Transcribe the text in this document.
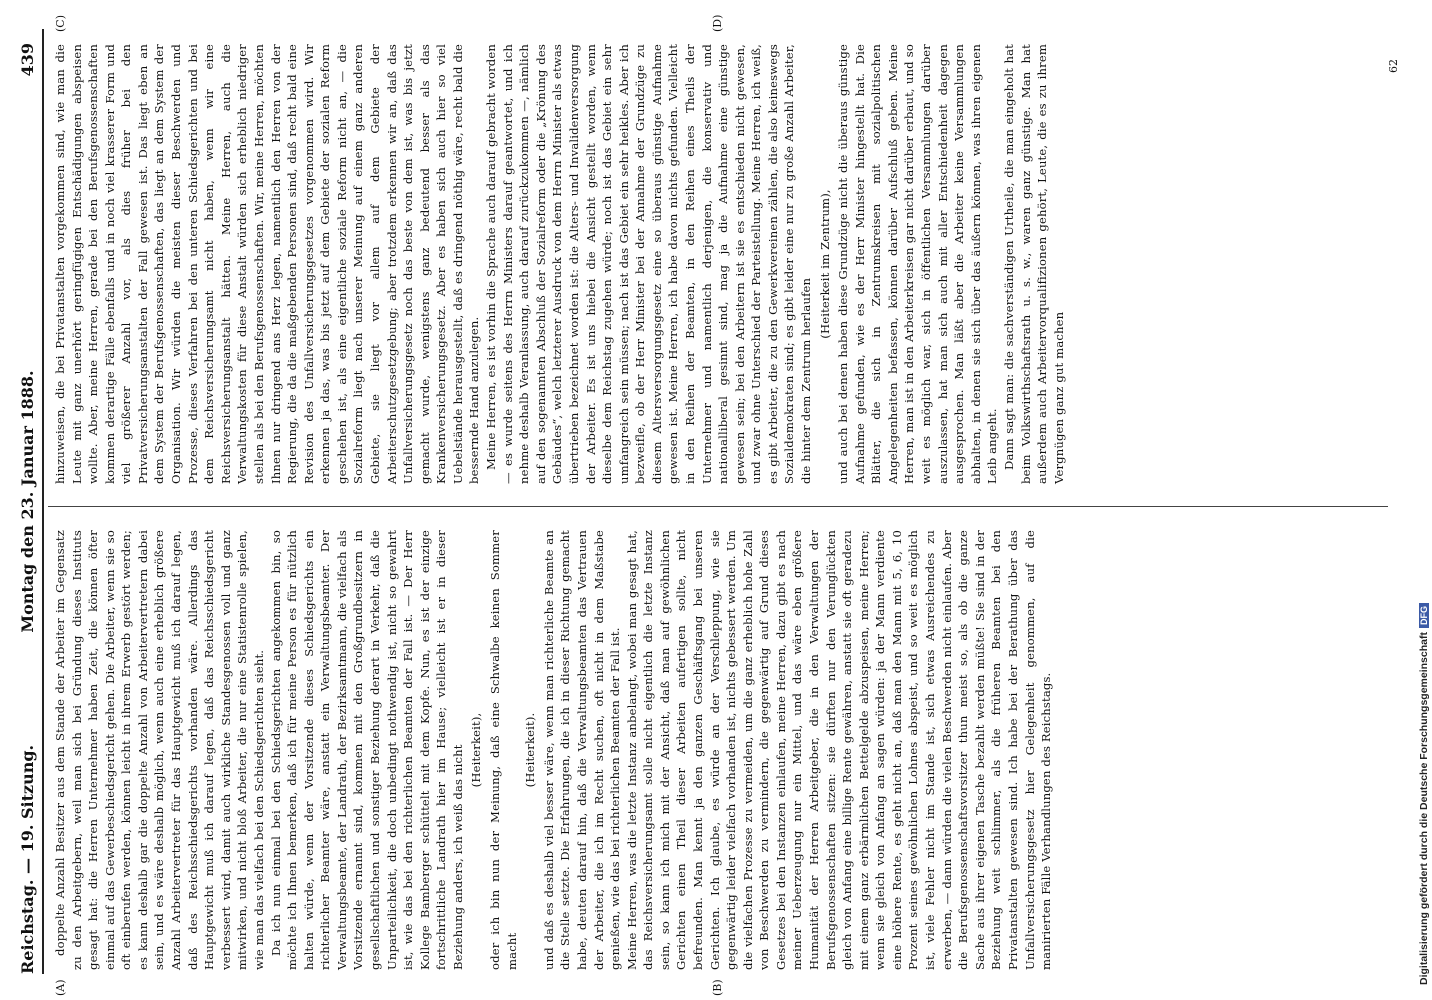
Reichstag. — 19. Sitzung.
Montag den 23. Januar 1888.
439
(A)	(B)
(C)	(D)

doppelte Anzahl Besitzer aus dem Stande der Arbeiter im Gegensatz zu den Arbeitgebern, weil man sich bei Gründung dieses Instituts gesagt hat: die Herren Unternehmer haben Zeit, die können öfter einmal auf das Gewerbeschiedsgericht gehen. Die Arbeiter, wenn sie so oft einberufen werden, können leicht in ihrem Erwerb gestört werden; es kann deshalb gar die doppelte Anzahl von Arbeitervertretern dabei sein, und es wäre deshalb möglich, wenn auch eine erheblich größere Anzahl Arbeitervertreter für das Hauptgewicht muß ich darauf legen, daß des Reichsschiedsgerichts vorhanden wäre. Allerdings das Hauptgewicht muß ich darauf legen, daß das Reichsschiedsgericht verbessert wird, damit auch wirkliche Standesgenossen voll und ganz mitwirken, und nicht bloß Arbeiter, die nur eine Statistenrolle spielen, wie man das vielfach bei den Schiedsgerichten sieht. Da ich nun einmal bei den Schiedsgerichten angekommen bin, so möchte ich Ihnen bemerken, daß ich für meine Person es für nützlich halten würde, wenn der Vorsitzende dieses Schiedsgerichts ein richterlicher Beamter wäre, anstatt ein Verwaltungsbeamter. Der Verwaltungsbeamte, der Landrath, der Bezirksamtmann, die vielfach als Vorsitzende ernannt sind, kommen mit den Großgrundbesitzern in gesellschaftlichen und sonstiger Beziehung derart in Verkehr, daß die Unparteilichkeit, die doch unbedingt nothwendig ist, nicht so gewahrt ist, wie das bei den richterlichen Beamten der Fall ist. — Der Herr Kollege Bamberger schüttelt mit dem Kopfe. Nun, es ist der einzige fortschrittliche Landrath hier im Hause; vielleicht ist er in dieser Beziehung anders, ich weiß das nicht (Heiterkeit), oder ich bin nun der Meinung, daß eine Schwalbe keinen Sommer macht

(Heiterkeit). und daß es deshalb viel besser wäre, wenn man richterliche Beamte an die Stelle setzte. Die Erfahrungen, die ich in dieser Richtung gemacht habe, deuten darauf hin, daß die Verwaltungsbeamten das Vertrauen der Arbeiter, die ich im Recht suchen, oft nicht in dem Maßstabe genießen, wie das bei richterlichen Beamten der Fall ist. Meine Herren, was die letzte Instanz anbelangt, wobei man gesagt hat, das Reichsversicherungsamt solle nicht eigentlich die letzte Instanz sein, so kann ich mich mit der Ansicht, daß man auf gewöhnlichen Gerichten einen Theil dieser Arbeiten aufertigen sollte, nicht befreunden. Man kennt ja den ganzen Geschäftsgang bei unseren Gerichten. Ich glaube, es würde an der Verschleppung, wie sie gegenwärtig leider vielfach vorhanden ist, nichts gebessert werden. Um die vielfachen Prozesse zu vermeiden, um die ganz erheblich hohe Zahl von Beschwerden zu vermindern, die gegenwärtig auf Grund dieses Gesetzes bei den Instanzen einlaufen, meine Herren, dazu gibt es nach meiner Ueberzeugung nur ein Mittel, und das wäre eben größere Humanität der Herren Arbeitgeber, die in den Verwaltungen der Berufsgenossenschaften sitzen: sie dürften nur den Verunglückten gleich von Anfang eine billige Rente gewähren, anstatt sie oft geradezu mit einem ganz erbärmlichen Bettelgelde abzuspeisen, meine Herren; wenn sie gleich von Anfang an sagen würden: ja der Mann verdiente eine höhere Rente, es geht nicht an, daß man den Mann mit 5, 6, 10 Prozent seines gewöhnlichen Lohnes abspeist, und so weit es möglich ist, viele Fehler nicht im Stande ist, sich etwas Ausreichendes zu erwerben, — dann würden die vielen Beschwerden nicht einlaufen. Aber die Berufsgenossenschaftsvorsitzer thun meist so, als ob die ganze Sache aus ihrer eigenen Tasche bezahlt werden müßte! Sie sind in der Beziehung weit schlimmer, als die früheren Beamten bei den Privatanstalten gewesen sind. Ich habe bei der Berathung über das Unfallversicherungsgesetz hier Gelegenheit genommen, auf die manirierten Fälle Verhandlungen des Reichstags.

hinzuweisen, die bei Privatanstalten vorgekommen sind, wie man die Leute mit ganz unerhört geringfügigen Entschädigungen abspeisen wollte. Aber, meine Herren, gerade bei den Berufsgenossenschaften kommen derartige Fälle ebenfalls und in noch viel krasserer Form und viel größerer Anzahl vor, als dies früher bei den Privatversicherungsanstalten der Fall gewesen ist. Das liegt eben an dem System der Berufsgenossenschaften, das liegt an dem System der Organisation. Wir würden die meisten dieser Beschwerden und Prozesse, dieses Verfahren bei den unteren Schiedsgerichten und bei dem Reichsversicherungsamt nicht haben, wenn wir eine Reichsversicherungsanstalt hätten. Meine Herren, auch die Verwaltungskosten für diese Anstalt würden sich erheblich niedriger stellen als bei den Berufsgenossenschaften. Wir, meine Herren, möchten Ihnen nur dringend ans Herz legen, namentlich den Herren von der Regierung, die da die maßgebenden Personen sind, daß recht bald eine Revision des Unfallversicherungsgesetzes vorgenommen wird. Wir erkennen ja das, was bis jetzt auf dem Gebiete der sozialen Reform geschehen ist, als eine eigentliche soziale Reform nicht an, — die Sozialreform liegt nach unserer Meinung auf einem ganz anderen Gebiete, sie liegt vor allem auf dem Gebiete der Arbeiterschutzgesetzgebung; aber trotzdem erkennen wir an, daß das Unfallversicherungsgesetz noch das beste von dem ist, was bis jetzt gemacht wurde, wenigstens ganz bedeutend besser als das Krankenversicherungsgesetz. Aber es haben sich auch hier so viel Uebelstände herausgestellt, daß es dringend nöthig wäre, recht bald die bessernde Hand anzulegen. Meine Herren, es ist vorhin die Sprache auch darauf gebracht worden — es wurde seitens des Herrn Ministers darauf geantwortet, und ich nehme deshalb Veranlassung, auch darauf zurückzukommen —, nämlich auf den sogenannten Abschluß der Sozialreform oder die „Krönung des Gebäudes“, welch letzterer Ausdruck von dem Herrn Minister als etwas übertrieben bezeichnet worden ist: die Alters- und Invalidenversorgung der Arbeiter. Es ist uns hiebei die Ansicht gestellt worden, wenn dieselbe dem Reichstag zugehen würde; noch ist das Gebiet ein sehr umfangreich sein müssen; nach ist das Gebiet ein sehr heikles. Aber ich bezweifle, ob der Herr Minister bei der Annahme der Grundzüge zu diesem Altersversorgungsgesetz eine so überaus günstige Aufnahme gewesen ist. Meine Herren, ich habe davon nichts gefunden. Vielleicht in den Reihen der Beamten, in den Reihen eines Theils der Unternehmer und namentlich derjenigen, die konservativ und nationalliberal gesinnt sind, mag ja die Aufnahme eine günstige gewesen sein; bei den Arbeitern ist sie es entschieden nicht gewesen, und zwar ohne Unterschied der Parteistellung. Meine Herren, ich weiß, es gibt Arbeiter, die zu den Gewerkvereinen zählen, die also keineswegs Sozialdemokraten sind; es gibt leider eine nur zu große Anzahl Arbeiter, die hinter dem Zentrum herlaufen

(Heiterkeit im Zentrum), und auch bei denen haben diese Grundzüge nicht die überaus günstige Aufnahme gefunden, wie es der Herr Minister hingestellt hat. Die Blätter, die sich in Zentrumskreisen mit sozialpolitischen Angelegenheiten befassen, können darüber Aufschluß geben. Meine Herren, man ist in den Arbeiterkreisen gar nicht darüber erbaut, und so weit es möglich war, sich in öffentlichen Versammlungen darüber auszulassen, hat man sich auch mit aller Entschiedenheit dagegen ausgesprochen. Man läßt aber die Arbeiter keine Versammlungen abhalten, in denen sie sich über das äußern können, was ihren eigenen Leib angeht. Dann sagt man: die sachverständigen Urtheile, die man eingeholt hat beim Volkswirthschaftsrath u. s. w., waren ganz günstige. Man hat außerdem auch Arbeitervorqualifizionen gehört, Leute, die es zu ihrem Vergnügen ganz gut machen

62
Digitalisierung gefördert durch die Deutsche ForschungsgemeinschaftDFG
